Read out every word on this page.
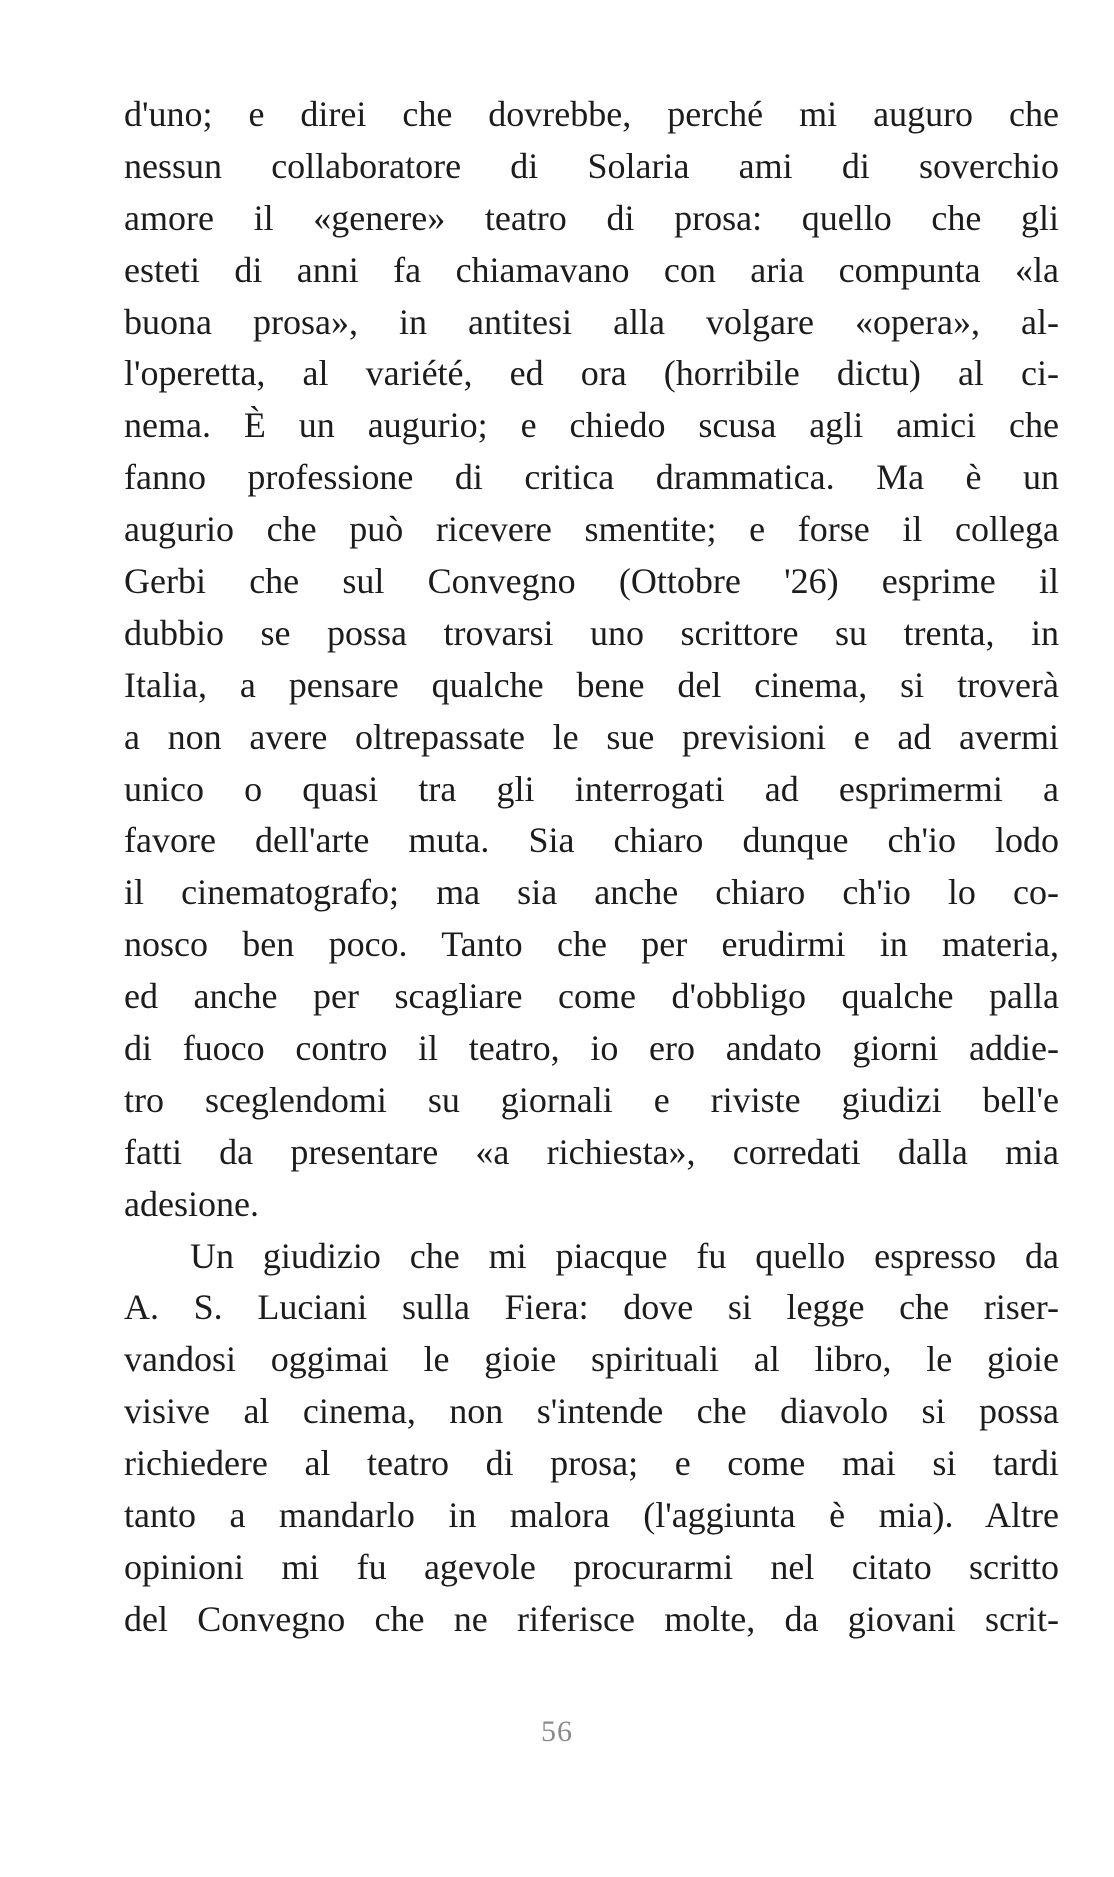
d'uno; e direi che dovrebbe, perché mi auguro che
nessun collaboratore di Solaria ami di soverchio
amore il «genere» teatro di prosa: quello che gli
esteti di anni fa chiamavano con aria compunta «la
buona prosa», in antitesi alla volgare «opera», al-
l'operetta, al variété, ed ora (horribile dictu) al ci-
nema. È un augurio; e chiedo scusa agli amici che
fanno professione di critica drammatica. Ma è un
augurio che può ricevere smentite; e forse il collega
Gerbi che sul Convegno (Ottobre '26) esprime il
dubbio se possa trovarsi uno scrittore su trenta, in
Italia, a pensare qualche bene del cinema, si troverà
a non avere oltrepassate le sue previsioni e ad avermi
unico o quasi tra gli interrogati ad esprimermi a
favore dell'arte muta. Sia chiaro dunque ch'io lodo
il cinematografo; ma sia anche chiaro ch'io lo co-
nosco ben poco. Tanto che per erudirmi in materia,
ed anche per scagliare come d'obbligo qualche palla
di fuoco contro il teatro, io ero andato giorni addie-
tro sceglendomi su giornali e riviste giudizi bell'e
fatti da presentare «a richiesta», corredati dalla mia
adesione.

Un giudizio che mi piacque fu quello espresso da
A. S. Luciani sulla Fiera: dove si legge che riser-
vandosi oggimai le gioie spirituali al libro, le gioie
visive al cinema, non s'intende che diavolo si possa
richiedere al teatro di prosa; e come mai si tardi
tanto a mandarlo in malora (l'aggiunta è mia). Altre
opinioni mi fu agevole procurarmi nel citato scritto
del Convegno che ne riferisce molte, da giovani scrit-

56
